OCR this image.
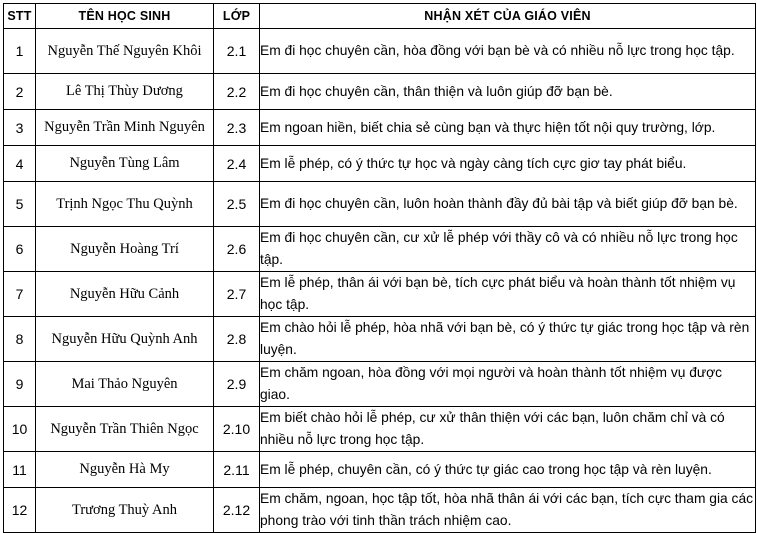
STT	TÊN HỌC SINH	LỚP	NHẬN XÉT CỦA GIÁO VIÊN
1	Nguyễn Thế Nguyên Khôi	2.1	Em đi học chuyên cần, hòa đồng với bạn bè và có nhiều nỗ lực trong học tập.
2	Lê Thị Thùy Dương	2.2	Em đi học chuyên cần, thân thiện và luôn giúp đỡ bạn bè.
3	Nguyễn Trần Minh Nguyên	2.3	Em ngoan hiền, biết chia sẻ cùng bạn và thực hiện tốt nội quy trường, lớp.
4	Nguyễn Tùng Lâm	2.4	Em lễ phép, có ý thức tự học và ngày càng tích cực giơ tay phát biểu.
5	Trịnh Ngọc Thu Quỳnh	2.5	Em đi học chuyên cần, luôn hoàn thành đầy đủ bài tập và biết giúp đỡ bạn bè.
6	Nguyễn Hoàng Trí	2.6	Em đi học chuyên cần, cư xử lễ phép với thầy cô và có nhiều nỗ lực trong học tập.
7	Nguyễn Hữu Cảnh	2.7	Em lễ phép, thân ái với bạn bè, tích cực phát biểu và hoàn thành tốt nhiệm vụ học tập.
8	Nguyễn Hữu Quỳnh Anh	2.8	Em chào hỏi lễ phép, hòa nhã với bạn bè, có ý thức tự giác trong học tập và rèn luyện.
9	Mai Thảo Nguyên	2.9	Em chăm ngoan, hòa đồng với mọi người và hoàn thành tốt nhiệm vụ được giao.
10	Nguyễn Trần Thiên Ngọc	2.10	Em biết chào hỏi lễ phép, cư xử thân thiện với các bạn, luôn chăm chỉ và có nhiều nỗ lực trong học tập.
11	Nguyễn Hà My	2.11	Em lễ phép, chuyên cần, có ý thức tự giác cao trong học tập và rèn luyện.
12	Trương Thuỳ Anh	2.12	Em chăm, ngoan, học tập tốt, hòa nhã thân ái với các bạn, tích cực tham gia các phong trào với tinh thần trách nhiệm cao.
